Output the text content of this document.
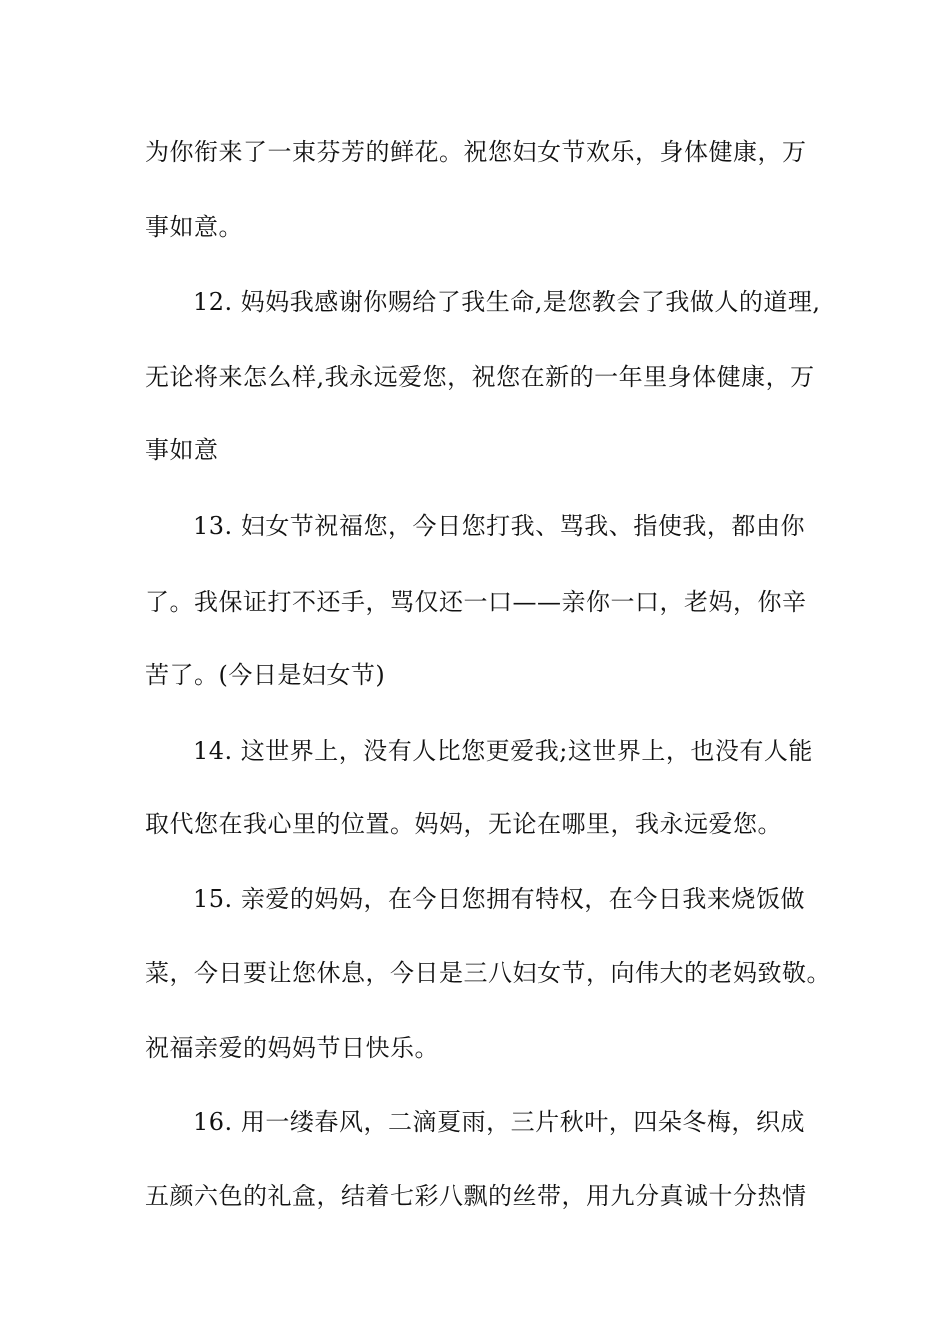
为你衔来了一束芬芳的鲜花。祝您妇女节欢乐，身体健康，万
事如意。
12. 妈妈我感谢你赐给了我生命,是您教会了我做人的道理,
无论将来怎么样,我永远爱您，祝您在新的一年里身体健康，万
事如意
13. 妇女节祝福您，今日您打我、骂我、指使我，都由你
了。我保证打不还手，骂仅还一口——亲你一口，老妈，你辛
苦了。(今日是妇女节)
14. 这世界上，没有人比您更爱我;这世界上，也没有人能
取代您在我心里的位置。妈妈，无论在哪里，我永远爱您。
15. 亲爱的妈妈，在今日您拥有特权，在今日我来烧饭做
菜，今日要让您休息，今日是三八妇女节，向伟大的老妈致敬。
祝福亲爱的妈妈节日快乐。
16. 用一缕春风，二滴夏雨，三片秋叶，四朵冬梅，织成
五颜六色的礼盒，结着七彩八飘的丝带，用九分真诚十分热情
